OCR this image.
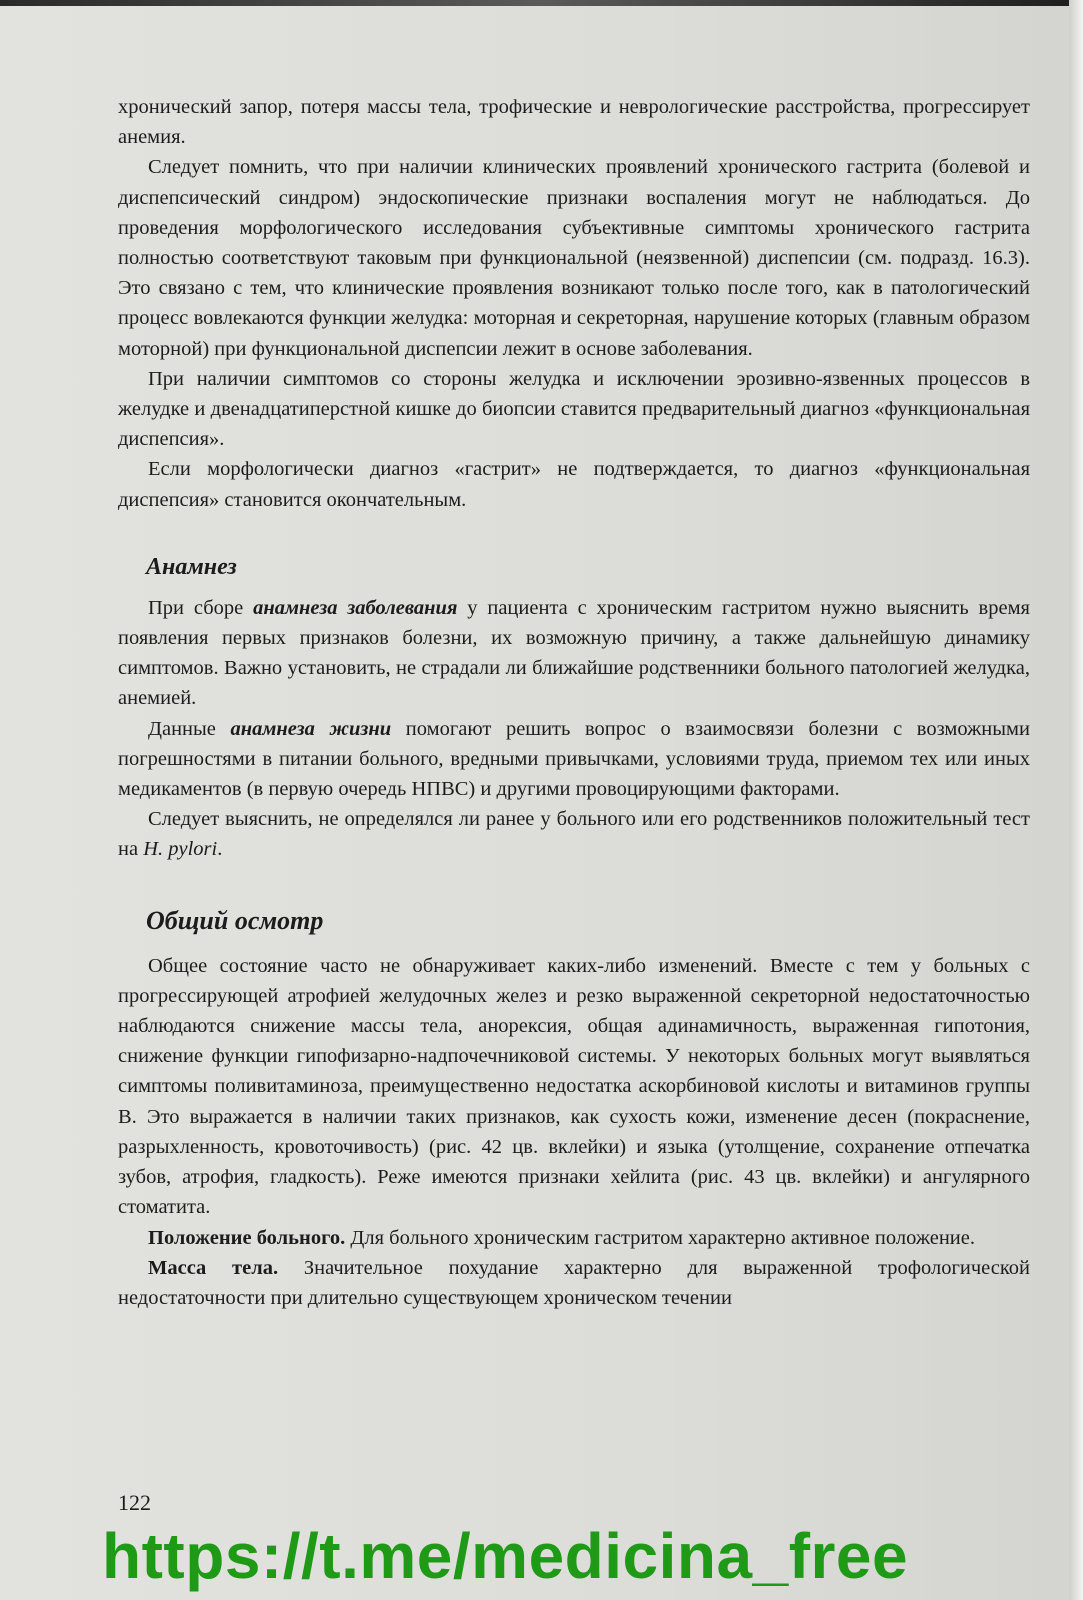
хронический запор, потеря массы тела, трофические и неврологические расстройства, прогрессирует анемия.

Следует помнить, что при наличии клинических проявлений хронического гастрита (болевой и диспепсический синдром) эндоскопические признаки воспаления могут не наблюдаться. До проведения морфологического исследования субъективные симптомы хронического гастрита полностью соответствуют таковым при функциональной (неязвенной) диспепсии (см. подразд. 16.3). Это связано с тем, что клинические проявления возникают только после того, как в патологический процесс вовлекаются функции желудка: моторная и секреторная, нарушение которых (главным образом моторной) при функциональной диспепсии лежит в основе заболевания.

При наличии симптомов со стороны желудка и исключении эрозивно-язвенных процессов в желудке и двенадцатиперстной кишке до биопсии ставится предварительный диагноз «функциональная диспепсия».

Если морфологически диагноз «гастрит» не подтверждается, то диагноз «функциональная диспепсия» становится окончательным.

Анамнез

При сборе анамнеза заболевания у пациента с хроническим гастритом нужно выяснить время появления первых признаков болезни, их возможную причину, а также дальнейшую динамику симптомов. Важно установить, не страдали ли ближайшие родственники больного патологией желудка, анемией.

Данные анамнеза жизни помогают решить вопрос о взаимосвязи болезни с возможными погрешностями в питании больного, вредными привычками, условиями труда, приемом тех или иных медикаментов (в первую очередь НПВС) и другими провоцирующими факторами.

Следует выяснить, не определялся ли ранее у больного или его родственников положительный тест на H. pylori.

Общий осмотр

Общее состояние часто не обнаруживает каких-либо изменений. Вместе с тем у больных с прогрессирующей атрофией желудочных желез и резко выраженной секреторной недостаточностью наблюдаются снижение массы тела, анорексия, общая адинамичность, выраженная гипотония, снижение функции гипофизарно-надпочечниковой системы. У некоторых больных могут выявляться симптомы поливитаминоза, преимущественно недостатка аскорбиновой кислоты и витаминов группы В. Это выражается в наличии таких признаков, как сухость кожи, изменение десен (покраснение, разрыхленность, кровоточивость) (рис. 42 цв. вклейки) и языка (утолщение, сохранение отпечатка зубов, атрофия, гладкость). Реже имеются признаки хейлита (рис. 43 цв. вклейки) и ангулярного стоматита.

Положение больного. Для больного хроническим гастритом характерно активное положение.

Масса тела. Значительное похудание характерно для выраженной трофологической недостаточности при длительно существующем хроническом течении

122
https://t.me/medicina_free
